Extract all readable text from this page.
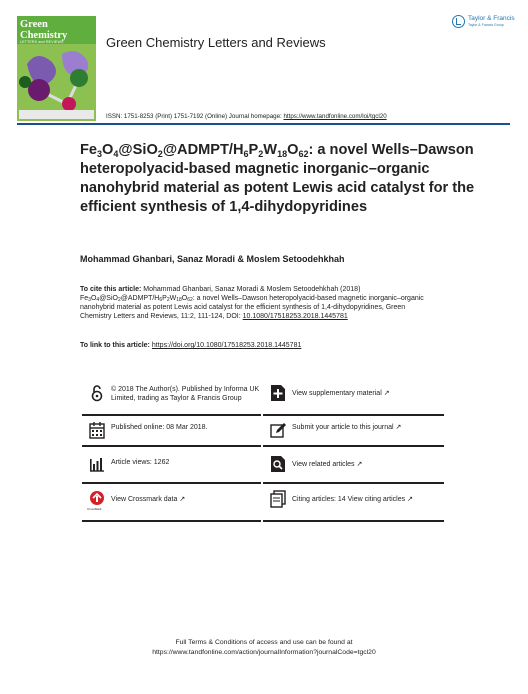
Green Chemistry
LETTERS and REVIEWS	Green Chemistry Letters and Reviews
Taylor & Francis
Taylor & Francis Group
ISSN: 1751-8253 (Print) 1751-7192 (Online) Journal homepage: https://www.tandfonline.com/loi/tgcl20
$Fe_3O_4@SiO_2@ADMPT/H_6P_2W_{18}O_{62}$: a novel Wells–Dawson heteropolyacid-based magnetic inorganic–organic nanohybrid material as potent Lewis acid catalyst for the efficient synthesis of 1,4-dihydopyridines
Mohammad Ghanbari, Sanaz Moradi & Moslem Setoodehkhah
To cite this article: Mohammad Ghanbari, Sanaz Moradi & Moslem Setoodehkhah (2018) $Fe_3O_4@SiO_2@ADMPT/H_6P_2W_{18}O_{62}$: a novel Wells–Dawson heteropolyacid-based magnetic inorganic–organic nanohybrid material as potent Lewis acid catalyst for the efficient synthesis of 1,4-dihydopyridines, Green Chemistry Letters and Reviews, 11:2, 111-124, DOI: 10.1080/17518253.2018.1445781
To link to this article: https://doi.org/10.1080/17518253.2018.1445781
© 2018 The Author(s). Published by Informa UK Limited, trading as Taylor & Francis Group
Published online: 08 Mar 2018.
Article views: 1262
CrossMark
View Crossmark data ↗
View supplementary material ↗
Submit your article to this journal ↗
View related articles ↗
Citing articles: 14 View citing articles ↗
Full Terms & Conditions of access and use can be found at
https://www.tandfonline.com/action/journalInformation?journalCode=tgcl20
